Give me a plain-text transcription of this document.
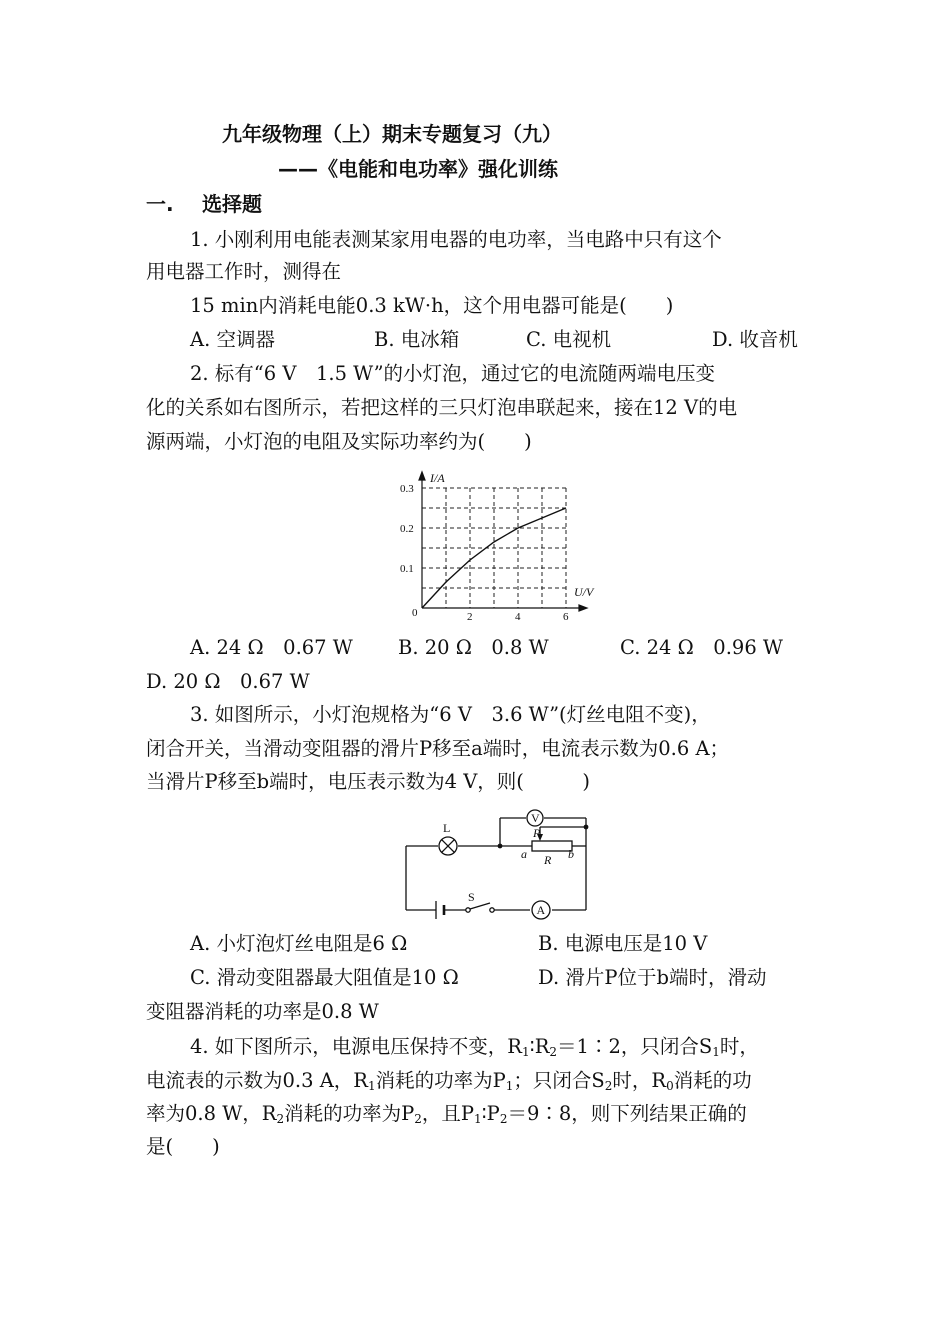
九年级物理（上）期末专题复习（九）
——《电能和电功率》强化训练
一. 选择题
1. 小刚利用电能表测某家用电器的电功率，当电路中只有这个
用电器工作时，测得在
15 min内消耗电能0.3 kW·h，这个用电器可能是(　　)
A. 空调器	B. 电冰箱	C. 电视机	D. 收音机
2. 标有“6 V　1.5 W”的小灯泡，通过它的电流随两端电压变
化的关系如右图所示，若把这样的三只灯泡串联起来，接在12 V的电
源两端，小灯泡的电阻及实际功率约为(　　)
I/A
U/V
0	2	4	6
0.1
0.2
0.3
A. 24 Ω　0.67 W B. 20 Ω　0.8 W	C. 24 Ω　0.96 W
D. 20 Ω　0.67 W
3. 如图所示，小灯泡规格为“6 V　3.6 W”(灯丝电阻不变)，
闭合开关，当滑动变阻器的滑片P移至a端时，电流表示数为0.6 A；
当滑片P移至b端时，电压表示数为4 V，则(　　　)
L
V
P
R
a	b
S
A
A. 小灯泡灯丝电阻是6 Ω	B. 电源电压是10 V
C. 滑动变阻器最大阻值是10 Ω	D. 滑片P位于b端时，滑动
变阻器消耗的功率是0.8 W
4. 如下图所示，电源电压保持不变，$R_1∶R_2=1∶2$，只闭合$S_1$时，
电流表的示数为0.3 A，$R_1$消耗的功率为$P_1$；只闭合$S_2$时，$R_0$消耗的功
率为0.8 W，$R_2$消耗的功率为$P_2$，且$P_1∶P_2=9∶8$，则下列结果正确的
是(　　)
